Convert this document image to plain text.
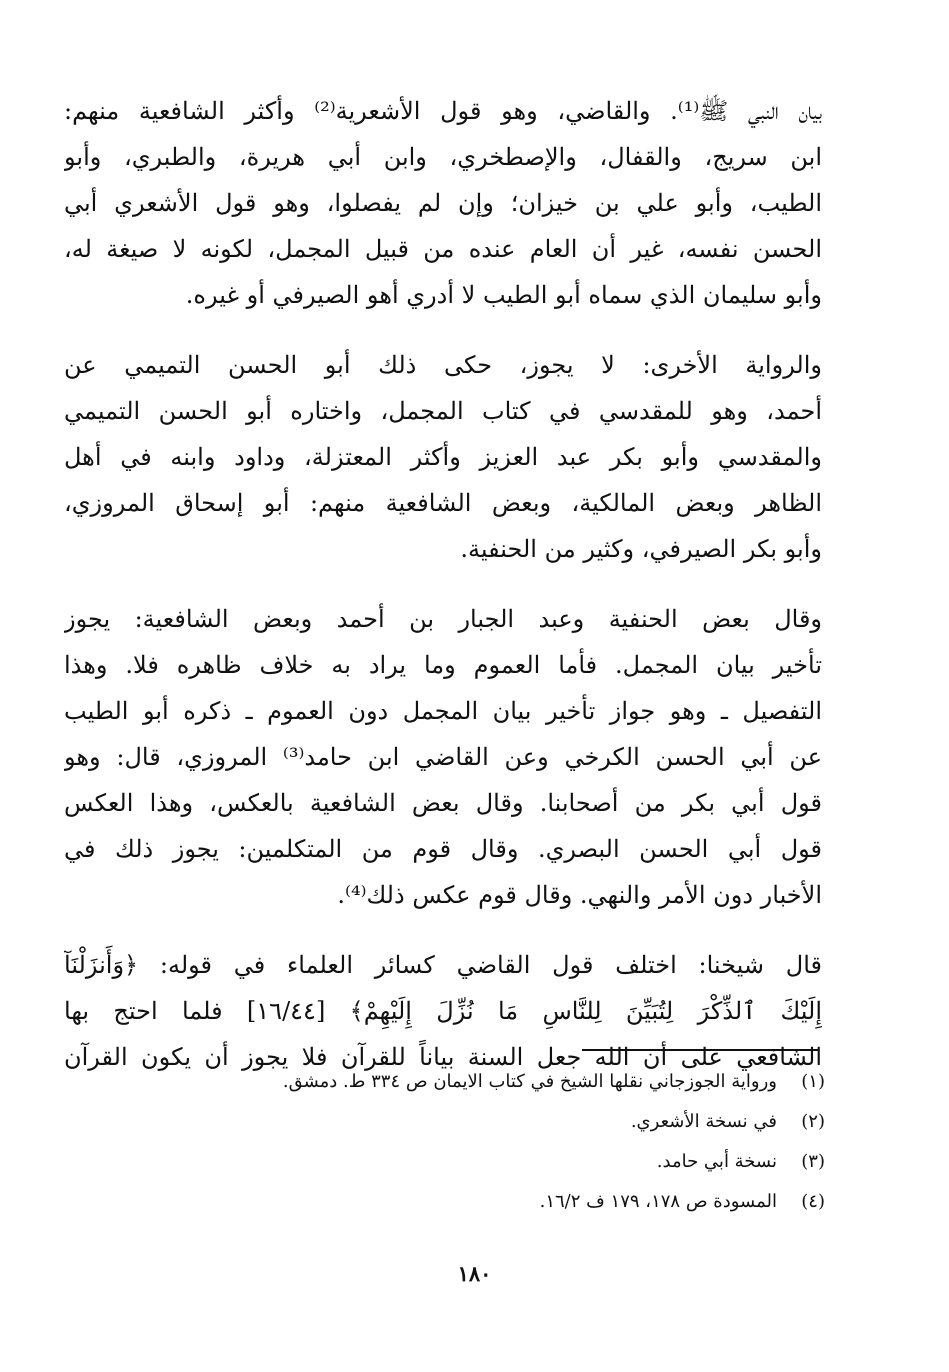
بيان النبي ﷺ⁽¹⁾. والقاضي، وهو قول الأشعرية⁽²⁾ وأكثر الشافعية منهم:
ابن سريج، والقفال، والإصطخري، وابن أبي هريرة، والطبري، وأبو
الطيب، وأبو علي بن خيزان؛ وإن لم يفصلوا، وهو قول الأشعري أبي
الحسن نفسه، غير أن العام عنده من قبيل المجمل، لكونه لا صيغة له،
وأبو سليمان الذي سماه أبو الطيب لا أدري أهو الصيرفي أو غيره.
والرواية الأخرى: لا يجوز، حكى ذلك أبو الحسن التميمي عن
أحمد، وهو للمقدسي في كتاب المجمل، واختاره أبو الحسن التميمي
والمقدسي وأبو بكر عبد العزيز وأكثر المعتزلة، وداود وابنه في أهل
الظاهر وبعض المالكية، وبعض الشافعية منهم: أبو إسحاق المروزي،
وأبو بكر الصيرفي، وكثير من الحنفية.
وقال بعض الحنفية وعبد الجبار بن أحمد وبعض الشافعية: يجوز
تأخير بيان المجمل. فأما العموم وما يراد به خلاف ظاهره فلا. وهذا
التفصيل ـ وهو جواز تأخير بيان المجمل دون العموم ـ ذكره أبو الطيب
عن أبي الحسن الكرخي وعن القاضي ابن حامد⁽³⁾ المروزي، قال: وهو
قول أبي بكر من أصحابنا. وقال بعض الشافعية بالعكس، وهذا العكس
قول أبي الحسن البصري. وقال قوم من المتكلمين: يجوز ذلك في
الأخبار دون الأمر والنهي. وقال قوم عكس ذلك⁽⁴⁾.
قال شيخنا: اختلف قول القاضي كسائر العلماء في قوله: ﴿وَأَنزَلْنَآ
إِلَيْكَ ٱلذِّكْرَ لِتُبَيِّنَ لِلنَّاسِ مَا نُزِّلَ إِلَيْهِمْ﴾ [١٦/٤٤] فلما احتج بها
الشافعي على أن الله جعل السنة بياناً للقرآن فلا يجوز أن يكون القرآن
(١)
ورواية الجوزجاني نقلها الشيخ في كتاب الايمان ص ٣٣٤ ط. دمشق.
(٢)
في نسخة الأشعري.
(٣)
نسخة أبي حامد.
(٤)
المسودة ص ١٧٨، ١٧٩ ف ١٦/٢.
١٨٠
